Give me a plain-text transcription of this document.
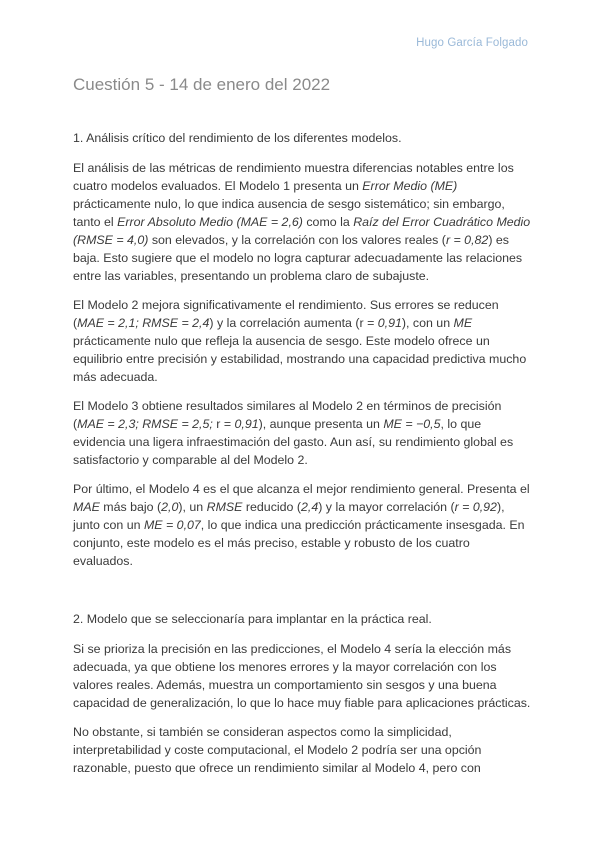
Hugo García Folgado
Cuestión 5 - 14 de enero del 2022

1. Análisis crítico del rendimiento de los diferentes modelos.

El análisis de las métricas de rendimiento muestra diferencias notables entre los cuatro modelos evaluados. El Modelo 1 presenta un Error Medio (ME) prácticamente nulo, lo que indica ausencia de sesgo sistemático; sin embargo, tanto el Error Absoluto Medio (MAE = 2,6) como la Raíz del Error Cuadrático Medio (RMSE = 4,0) son elevados, y la correlación con los valores reales (r = 0,82) es baja. Esto sugiere que el modelo no logra capturar adecuadamente las relaciones entre las variables, presentando un problema claro de subajuste.

El Modelo 2 mejora significativamente el rendimiento. Sus errores se reducen (MAE = 2,1; RMSE = 2,4) y la correlación aumenta (r = 0,91), con un ME prácticamente nulo que refleja la ausencia de sesgo. Este modelo ofrece un equilibrio entre precisión y estabilidad, mostrando una capacidad predictiva mucho más adecuada.

El Modelo 3 obtiene resultados similares al Modelo 2 en términos de precisión (MAE = 2,3; RMSE = 2,5; r = 0,91), aunque presenta un ME = −0,5, lo que evidencia una ligera infraestimación del gasto. Aun así, su rendimiento global es satisfactorio y comparable al del Modelo 2.

Por último, el Modelo 4 es el que alcanza el mejor rendimiento general. Presenta el MAE más bajo (2,0), un RMSE reducido (2,4) y la mayor correlación (r = 0,92), junto con un ME = 0,07, lo que indica una predicción prácticamente insesgada. En conjunto, este modelo es el más preciso, estable y robusto de los cuatro evaluados.

2. Modelo que se seleccionaría para implantar en la práctica real.

Si se prioriza la precisión en las predicciones, el Modelo 4 sería la elección más adecuada, ya que obtiene los menores errores y la mayor correlación con los valores reales. Además, muestra un comportamiento sin sesgos y una buena capacidad de generalización, lo que lo hace muy fiable para aplicaciones prácticas.

No obstante, si también se consideran aspectos como la simplicidad, interpretabilidad y coste computacional, el Modelo 2 podría ser una opción razonable, puesto que ofrece un rendimiento similar al Modelo 4, pero con
